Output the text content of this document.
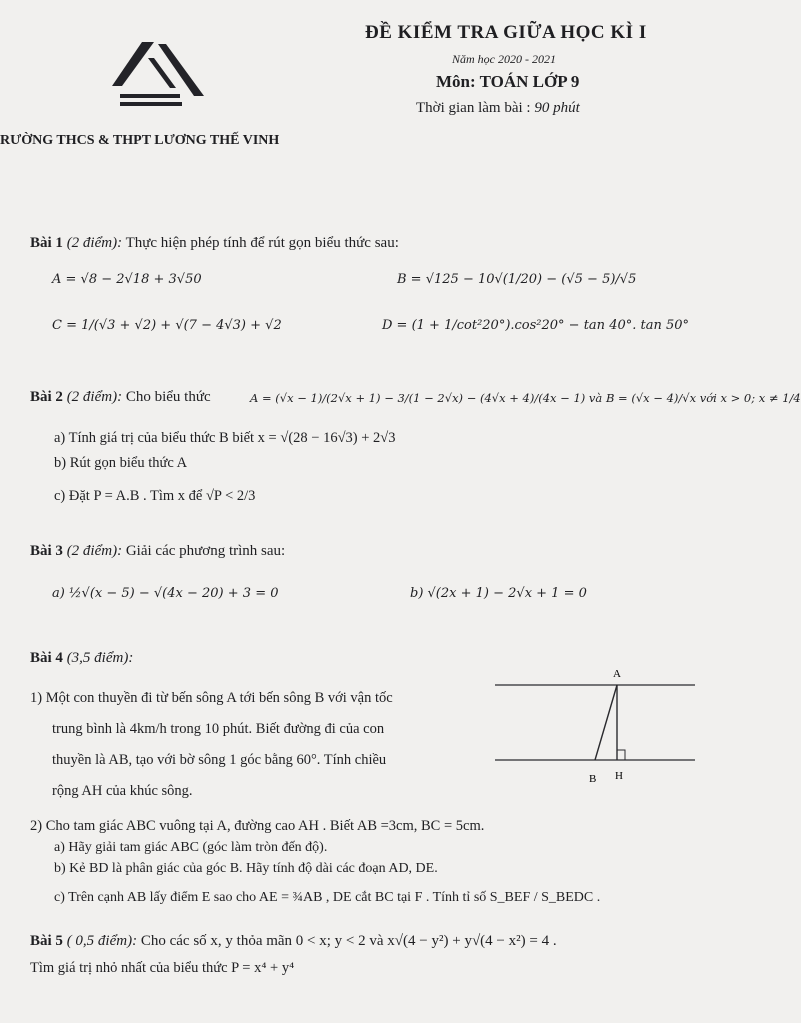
ĐỀ KIỂM TRA GIỮA HỌC KÌ I
Năm học 2020 - 2021
Môn: TOÁN LỚP 9
Thời gian làm bài : 90 phút
RƯỜNG THCS & THPT LƯƠNG THẾ VINH
Bài 1 (2 điểm): Thực hiện phép tính để rút gọn biểu thức sau:
A = √8 − 2√18 + 3√50	B = √125 − 10√(1/20) − (√5 − 5)/√5
C = 1/(√3 + √2) + √(7 − 4√3) + √2	D = (1 + 1/cot²20°).cos²20° − tan 40°. tan 50°
Bài 2 (2 điểm): Cho biểu thức	A = (√x − 1)/(2√x + 1) − 3/(1 − 2√x) − (4√x + 4)/(4x − 1) và B = (√x − 4)/√x với x > 0; x ≠ 1/4
a) Tính giá trị của biểu thức B biết x = √(28 − 16√3) + 2√3
b) Rút gọn biểu thức A
c) Đặt P = A.B . Tìm x để √P < 2/3
Bài 3 (2 điểm): Giải các phương trình sau:
a) ½√(x − 5) − √(4x − 20) + 3 = 0	b) √(2x + 1) − 2√x + 1 = 0
Bài 4 (3,5 điểm):
1) Một con thuyền đi từ bến sông A tới bến sông B với vận tốc
trung bình là 4km/h trong 10 phút. Biết đường đi của con
thuyền là AB, tạo với bờ sông 1 góc bằng 60°. Tính chiều
rộng AH của khúc sông.
A
B H
2) Cho tam giác ABC vuông tại A, đường cao AH . Biết AB =3cm, BC = 5cm.
a) Hãy giải tam giác ABC (góc làm tròn đến độ).
b) Kẻ BD là phân giác của góc B. Hãy tính độ dài các đoạn AD, DE.
c) Trên cạnh AB lấy điểm E sao cho AE = ¾AB , DE cắt BC tại F . Tính tỉ số S_BEF / S_BEDC .
Bài 5 ( 0,5 điểm): Cho các số x, y thỏa mãn 0 < x; y < 2 và x√(4 − y²) + y√(4 − x²) = 4 .
Tìm giá trị nhỏ nhất của biểu thức P = x⁴ + y⁴
